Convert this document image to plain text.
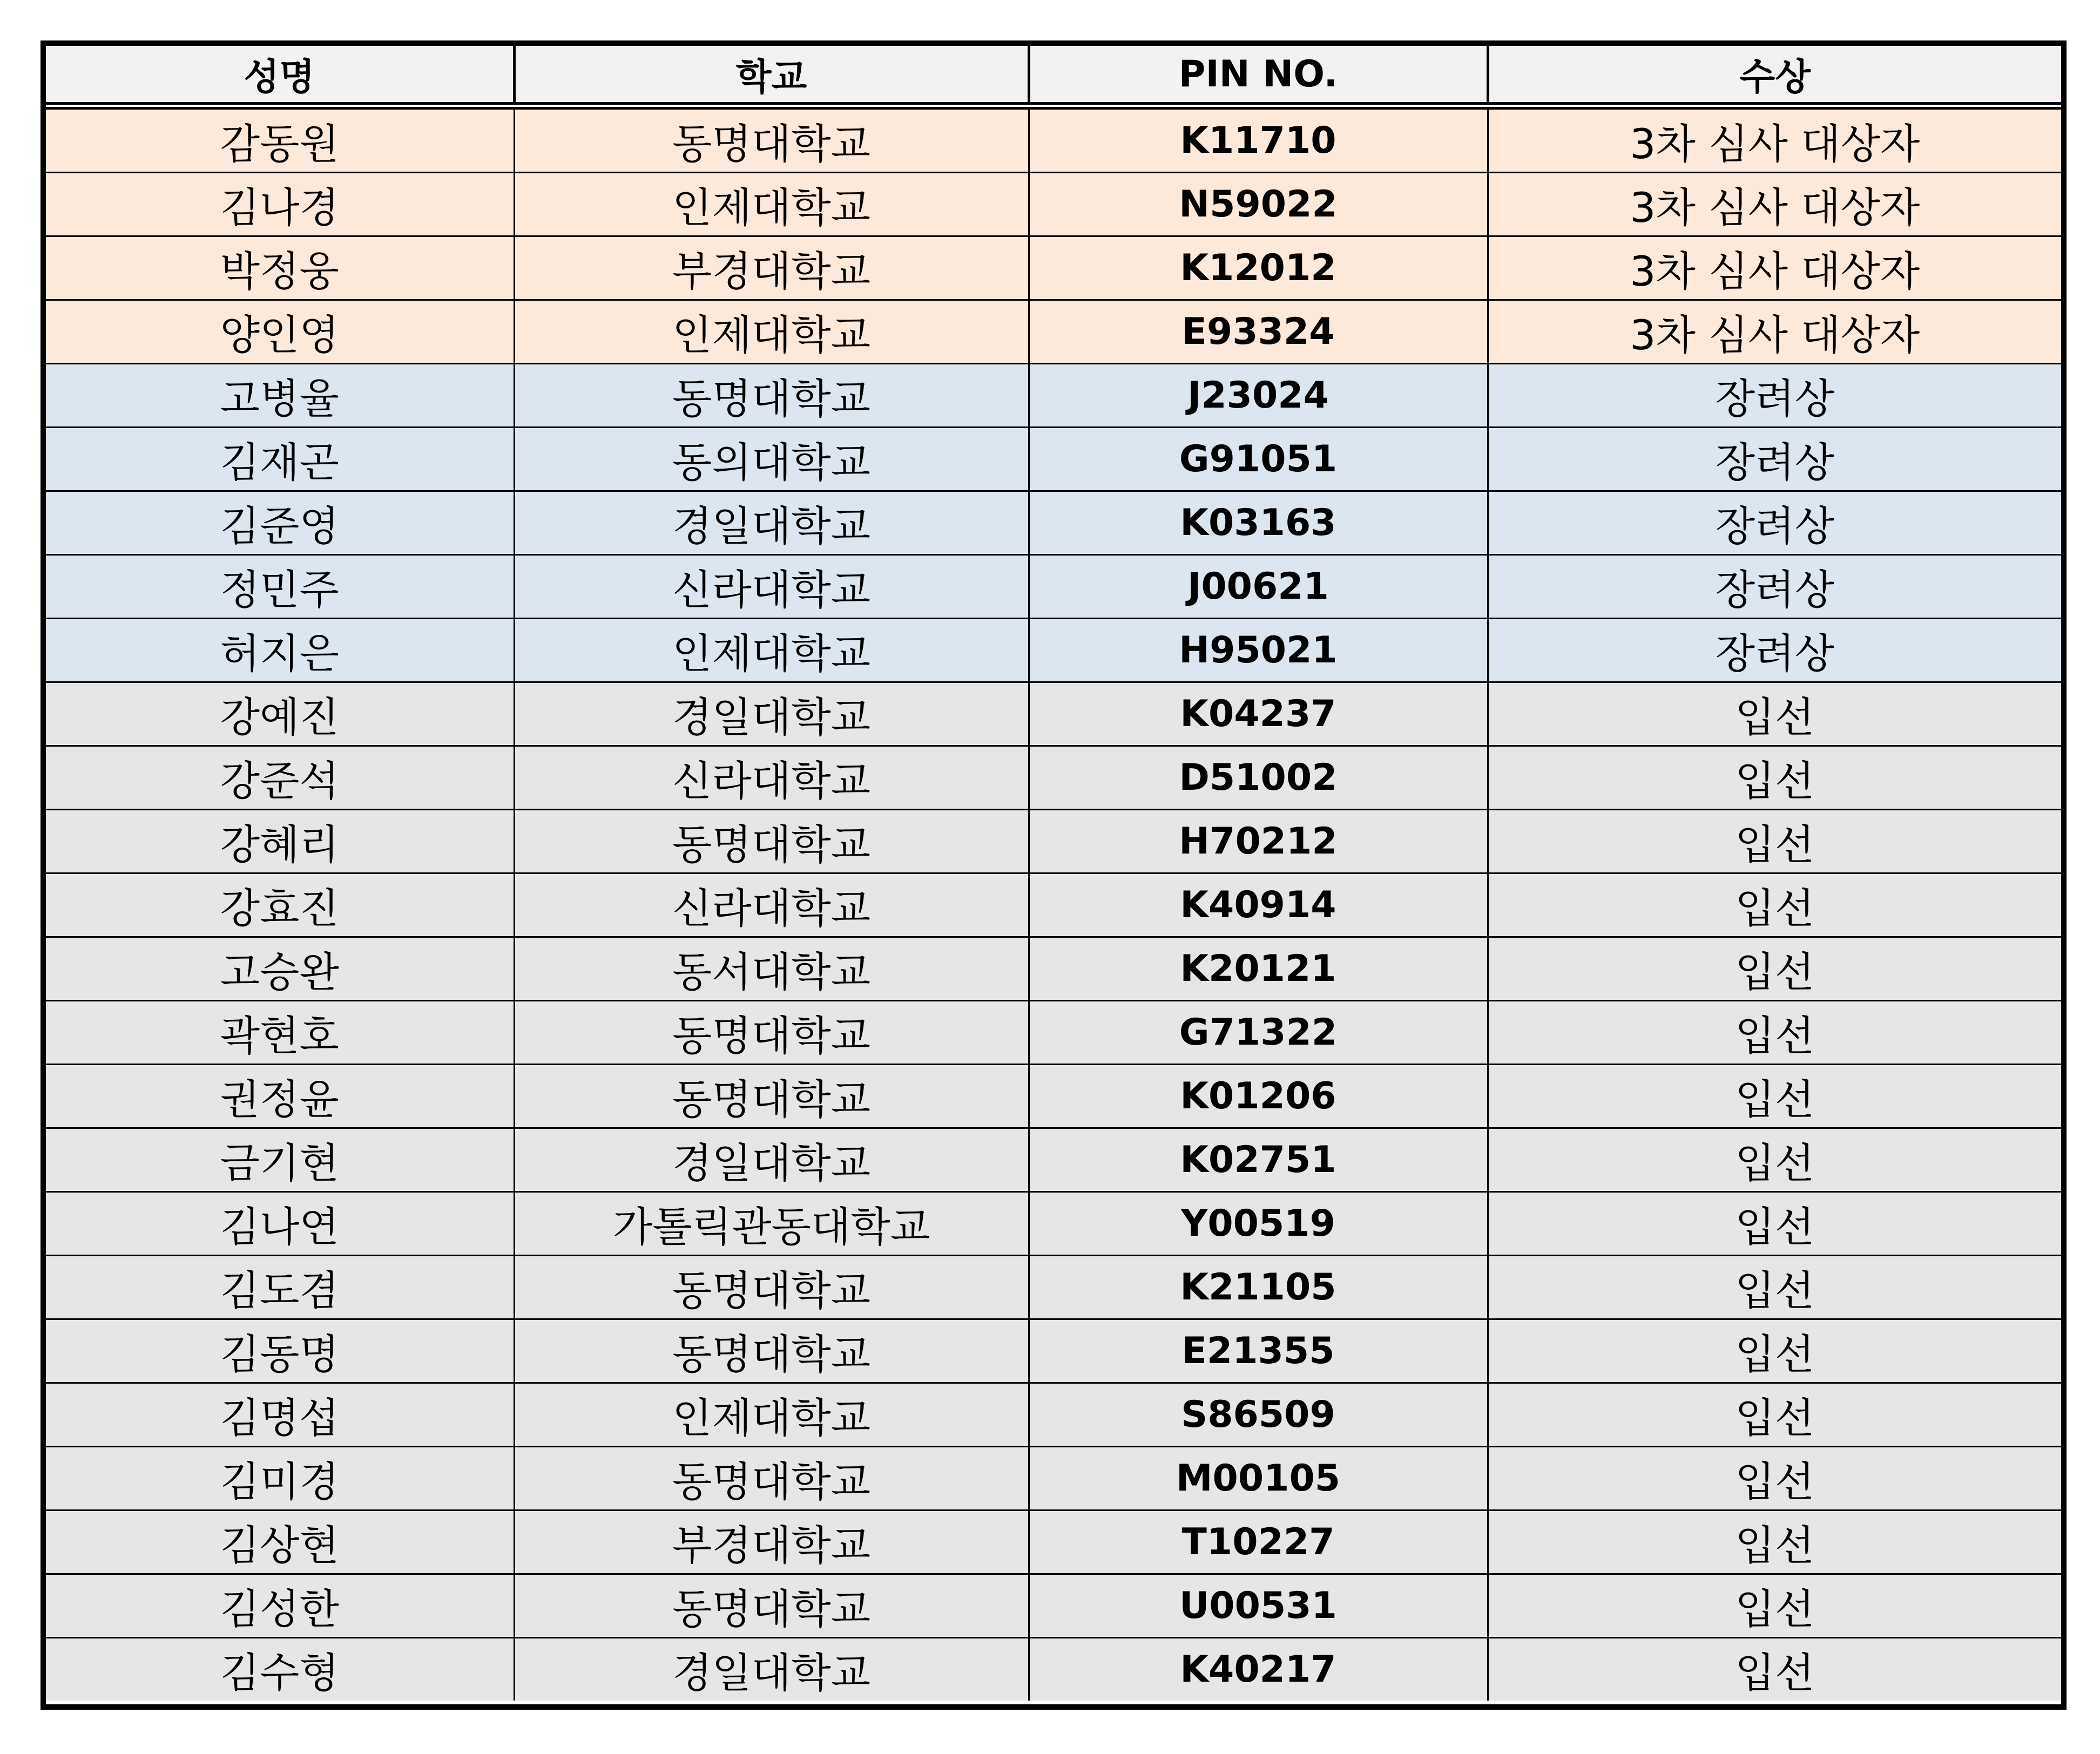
성명	학교	PIN NO.	수상
감동원	동명대학교	K11710	3차 심사 대상자
김나경	인제대학교	N59022	3차 심사 대상자
박정웅	부경대학교	K12012	3차 심사 대상자
양인영	인제대학교	E93324	3차 심사 대상자
고병율	동명대학교	J23024	장려상
김재곤	동의대학교	G91051	장려상
김준영	경일대학교	K03163	장려상
정민주	신라대학교	J00621	장려상
허지은	인제대학교	H95021	장려상
강예진	경일대학교	K04237	입선
강준석	신라대학교	D51002	입선
강혜리	동명대학교	H70212	입선
강효진	신라대학교	K40914	입선
고승완	동서대학교	K20121	입선
곽현호	동명대학교	G71322	입선
권정윤	동명대학교	K01206	입선
금기현	경일대학교	K02751	입선
김나연	가톨릭관동대학교	Y00519	입선
김도겸	동명대학교	K21105	입선
김동명	동명대학교	E21355	입선
김명섭	인제대학교	S86509	입선
김미경	동명대학교	M00105	입선
김상현	부경대학교	T10227	입선
김성한	동명대학교	U00531	입선
김수형	경일대학교	K40217	입선
